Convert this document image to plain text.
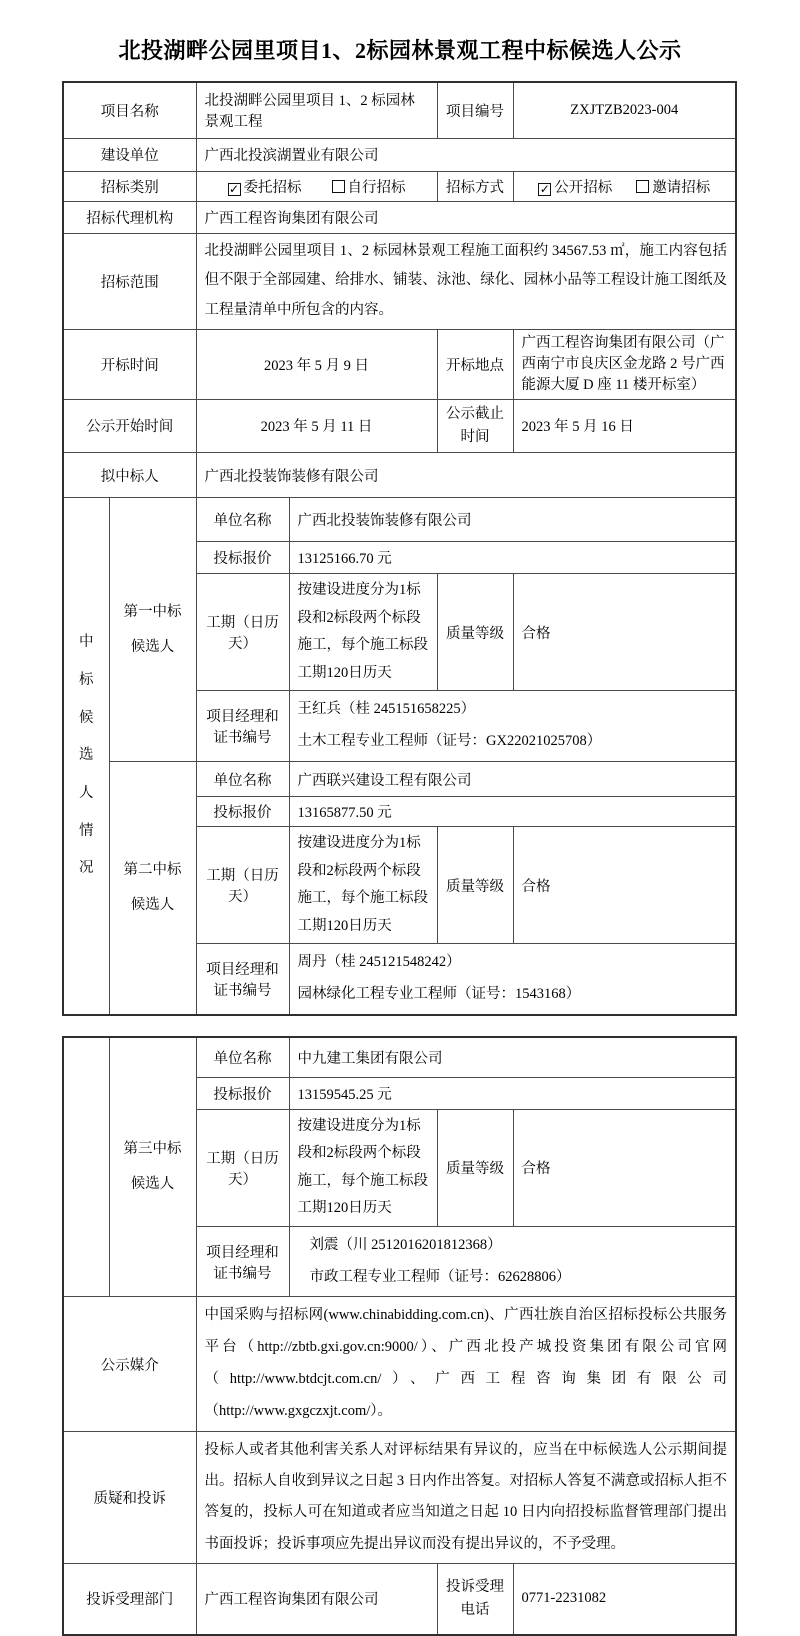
北投湖畔公园里项目1、2标园林景观工程中标候选人公示
项目名称		北投湖畔公园里项目 1、2 标园林景观工程		项目编号	ZXJTZB2023-004
建设单位		广西北投滨湖置业有限公司			
招标类别		✓ 委托招标 自行招标		招标方式	✓ 公开招标 邀请招标

招标代理机构		广西工程咨询集团有限公司			
招标范围		北投湖畔公园里项目 1、2 标园林景观工程施工面积约 34567.53 ㎡，施工内容包括但不限于全部园建、给排水、铺装、泳池、绿化、园林小品等工程设计施工图纸及工程量清单中所包含的内容。			
开标时间		2023 年 5 月 9 日		开标地点	广西工程咨询集团有限公司（广西南宁市良庆区金龙路 2 号广西能源大厦 D 座 11 楼开标室）
公示开始时间		2023 年 5 月 11 日		公示截止时间	2023 年 5 月 16 日
拟中标人		广西北投装饰装修有限公司			
中标候选人情况	第一中标候选人	单位名称	广西北投装饰装修有限公司		
		投标报价	13125166.70 元		
		工期（日历天）	按建设进度分为1标段和2标段两个标段施工，每个施工标段工期120日历天	质量等级	合格
		项目经理和证书编号	王红兵（桂 245151658225）
土木工程专业工程师（证号：GX22021025708）		

	第二中标候选人	单位名称	广西联兴建设工程有限公司		
		投标报价	13165877.50 元		
		工期（日历天）	按建设进度分为1标段和2标段两个标段施工，每个施工标段工期120日历天	质量等级	合格
		项目经理和证书编号	周丹（桂 245121548242）
园林绿化工程专业工程师（证号：1543168）		
	第三中标候选人	单位名称	中九建工集团有限公司		
		投标报价	13159545.25 元		
		工期（日历天）	按建设进度分为1标段和2标段两个标段施工，每个施工标段工期120日历天	质量等级	合格
		项目经理和证书编号	刘震（川 2512016201812368）
市政工程专业工程师（证号：62628806）		

公示媒介		中国采购与招标网(www.chinabidding.com.cn)、广西壮族自治区招标投标公共服务平台（http://zbtb.gxi.gov.cn:9000/）、广西北投产城投资集团有限公司官网（http://www.btdcjt.com.cn/）、广西工程咨询集团有限公司（http://www.gxgczxjt.com/）。			
质疑和投诉		投标人或者其他利害关系人对评标结果有异议的，应当在中标候选人公示期间提出。招标人自收到异议之日起 3 日内作出答复。对招标人答复不满意或招标人拒不答复的，投标人可在知道或者应当知道之日起 10 日内向招投标监督管理部门提出书面投诉；投诉事项应先提出异议而没有提出异议的，不予受理。			
投诉受理部门		广西工程咨询集团有限公司		投诉受理电话	0771-2231082
